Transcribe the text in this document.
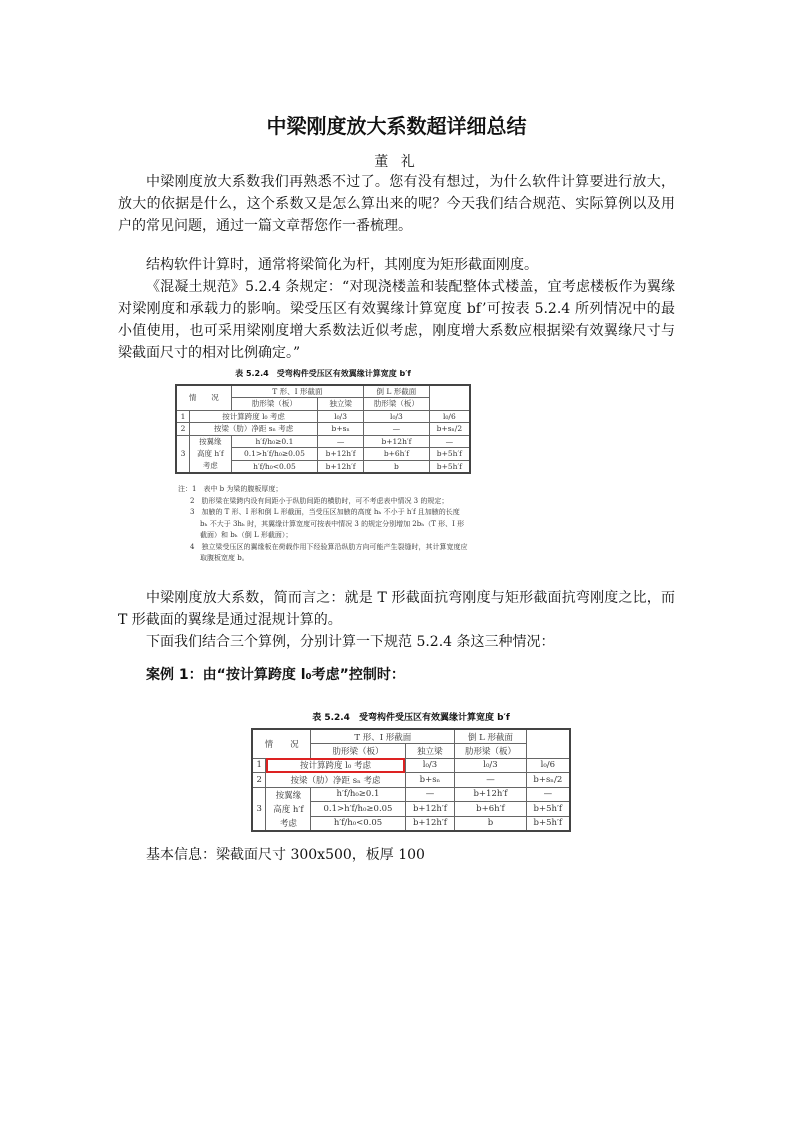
中梁刚度放大系数超详细总结
董 礼
中梁刚度放大系数我们再熟悉不过了。您有没有想过，为什么软件计算要进行放大，放大的依据是什么，这个系数又是怎么算出来的呢？今天我们结合规范、实际算例以及用户的常见问题，通过一篇文章帮您作一番梳理。
结构软件计算时，通常将梁简化为杆，其刚度为矩形截面刚度。
《混凝土规范》5.2.4 条规定：“对现浇楼盖和装配整体式楼盖，宜考虑楼板作为翼缘对梁刚度和承载力的影响。梁受压区有效翼缘计算宽度 bf’可按表 5.2.4 所列情况中的最小值使用，也可采用梁刚度增大系数法近似考虑，刚度增大系数应根据梁有效翼缘尺寸与梁截面尺寸的相对比例确定。”
表 5.2.4　受弯构件受压区有效翼缘计算宽度 b′f
情　　况		T 形、I 形截面		倒 L 形截面	
		肋形梁（板）	独立梁	肋形梁（板）	
1	按计算跨度 l₀ 考虑		l₀/3	l₀/3	l₀/6
2	按梁（肋）净距 sₙ 考虑		b+sₙ	—	b+sₙ/2
3	按翼缘	h′f/h₀≥0.1	—	b+12h′f	—
	高度 h′f	0.1>h′f/h₀≥0.05	b+12h′f	b+6h′f	b+5h′f
	考虑	h′f/h₀<0.05	b+12h′f	b	b+5h′f
注：1　表中 b 为梁的腹板厚度；
2　肋形梁在梁跨内设有间距小于纵肋间距的横肋时，可不考虑表中情况 3 的规定；
3　加腋的 T 形、I 形和倒 L 形截面，当受压区加腋的高度 hₕ 不小于 h′f 且加腋的长度 bₕ 不大于 3hₕ 时，其翼缘计算宽度可按表中情况 3 的规定分别增加 2bₕ（T 形、I 形截面）和 bₕ（倒 L 形截面）；
4　独立梁受压区的翼缘板在荷载作用下经验算沿纵肋方向可能产生裂缝时，其计算宽度应取腹板宽度 b。
中梁刚度放大系数，简而言之：就是 T 形截面抗弯刚度与矩形截面抗弯刚度之比，而 T 形截面的翼缘是通过混规计算的。
下面我们结合三个算例，分别计算一下规范 5.2.4 条这三种情况：
案例 1：由“按计算跨度 l₀考虑”控制时：
表 5.2.4　受弯构件受压区有效翼缘计算宽度 b′f
情　　况		T 形、I 形截面		倒 L 形截面	
		肋形梁（板）	独立梁	肋形梁（板）	
1	按计算跨度 l₀ 考虑		l₀/3	l₀/3	l₀/6
2	按梁（肋）净距 sₙ 考虑		b+sₙ	—	b+sₙ/2
3	按翼缘	h′f/h₀≥0.1	—	b+12h′f	—
	高度 h′f	0.1>h′f/h₀≥0.05	b+12h′f	b+6h′f	b+5h′f
	考虑	h′f/h₀<0.05	b+12h′f	b	b+5h′f
基本信息：梁截面尺寸 300x500，板厚 100
